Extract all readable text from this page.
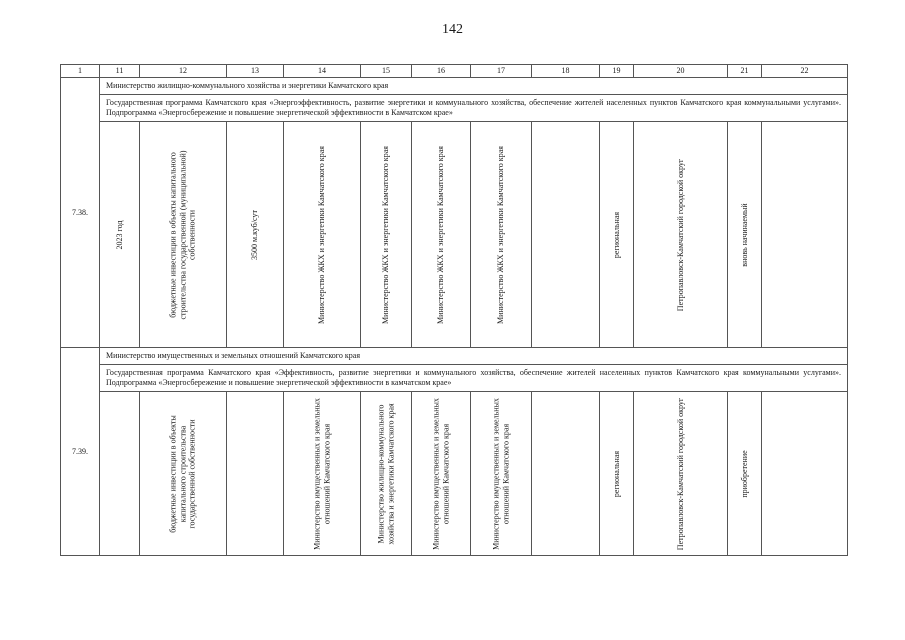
142
1	11	12	13	14	15	16	17	18	19	20	21	22
7.38.	Министерство жилищно-коммунального хозяйства и энергетики Камчатского края											
	Государственная программа Камчатского края «Энергоэффективность, развитие энергетики и коммунального хозяйства, обеспечение жителей населенных пунктов Камчатского края коммунальными услугами». Подпрограмма «Энергосбережение и повышение энергетической эффективности в Камчатском крае»											

	2023 год	бюджетные инвестиции в объекты капитального строительства государственной (муниципальной) собственности	3500 м.куб/сут	Министерство ЖКХ и энергетики Камчатского края	Министерство ЖКХ и энергетики Камчатского края	Министерство ЖКХ и энергетики Камчатского края	Министерство ЖКХ и энергетики Камчатского края		региональная	Петропавловск-Камчатский городской округ	вновь начинаемый	

7.39.	Министерство имущественных и земельных отношений Камчатского края											
	Государственная программа Камчатского края «Эффективность, развитие энергетики и коммунального хозяйства, обеспечение жителей населенных пунктов Камчатского края коммунальными услугами». Подпрограмма «Энергосбережение и повышение энергетической эффективности в камчатском крае»											

		бюджетные инвестиции в объекты капитального строительства государственной собственности		Министерство имущественных и земельных отношений Камчатского края	Министерство жилищно-коммунального хозяйства и энергетики Камчатского края	Министерство имущественных и земельных отношений Камчатского края	Министерство имущественных и земельных отношений Камчатского края		региональная	Петропавловск-Камчатский городской округ	приобретение	
